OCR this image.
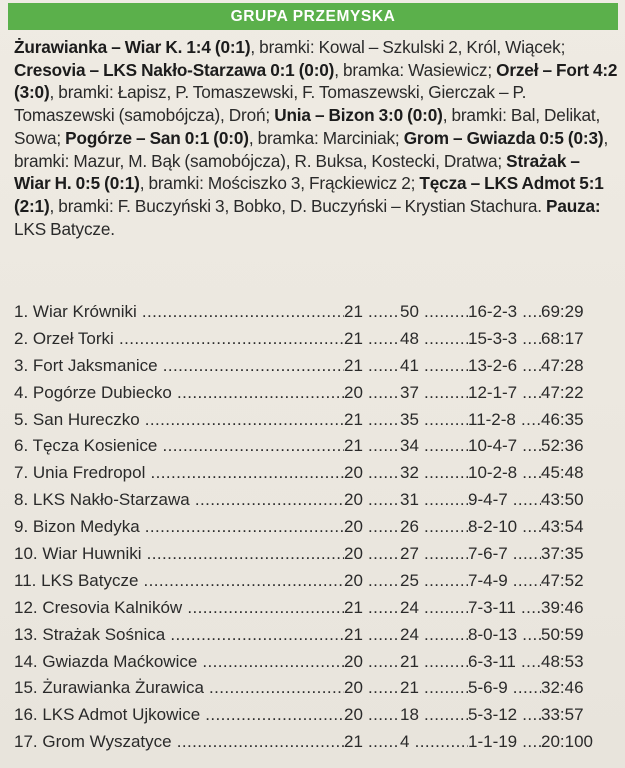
GRUPA PRZEMYSKA
Żurawianka – Wiar K. 1:4 (0:1), bramki: Kowal – Szkulski 2, Król, Wiącek; Cresovia – LKS Nakło-Starzawa 0:1 (0:0), bramka: Wasiewicz; Orzeł – Fort 4:2 (3:0), bramki: Łapisz, P. Tomaszewski, F. Tomaszewski, Gierczak – P. Tomaszewski (samobójcza), Droń; Unia – Bizon 3:0 (0:0), bramki: Bal, Delikat, Sowa; Pogórze – San 0:1 (0:0), bramka: Marciniak; Grom – Gwiazda 0:5 (0:3), bramki: Mazur, M. Bąk (samobójcza), R. Buksa, Kostecki, Dratwa; Strażak – Wiar H. 0:5 (0:1), bramki: Mościszko 3, Frąckiewicz 2; Tęcza – LKS Admot 5:1 (2:1), bramki: F. Buczyński 3, Bobko, D. Buczyński – Krystian Stachura. Pauza: LKS Batycze.
1. Wiar Krówniki .....	21 .....	50 .....	16-2-3 .....	69:29
2. Orzeł Torki .....	21 .....	48 .....	15-3-3 .....	68:17
3. Fort Jaksmanice .....	21 .....	41 .....	13-2-6 .....	47:28
4. Pogórze Dubiecko .....	20 .....	37 .....	12-1-7 .....	47:22
5. San Hureczko .....	21 .....	35 .....	11-2-8 .....	46:35
6. Tęcza Kosienice .....	21 .....	34 .....	10-4-7 .....	52:36
7. Unia Fredropol .....	20 .....	32 .....	10-2-8 .....	45:48
8. LKS Nakło-Starzawa .....	20 .....	31 .....	9-4-7 .....	43:50
9. Bizon Medyka .....	20 .....	26 .....	8-2-10 .....	43:54
10. Wiar Huwniki .....	20 .....	27 .....	7-6-7 .....	37:35
11. LKS Batycze .....	20 .....	25 .....	7-4-9 .....	47:52
12. Cresovia Kalników .....	21 .....	24 .....	7-3-11 .....	39:46
13. Strażak Sośnica .....	21 .....	24 .....	8-0-13 .....	50:59
14. Gwiazda Maćkowice .....	20 .....	21 .....	6-3-11 .....	48:53
15. Żurawianka Żurawica .....	20 .....	21 .....	5-6-9 .....	32:46
16. LKS Admot Ujkowice .....	20 .....	18 .....	5-3-12 .....	33:57
17. Grom Wyszatyce .....	21 .....	4 .....	1-1-19 .....	20:100
